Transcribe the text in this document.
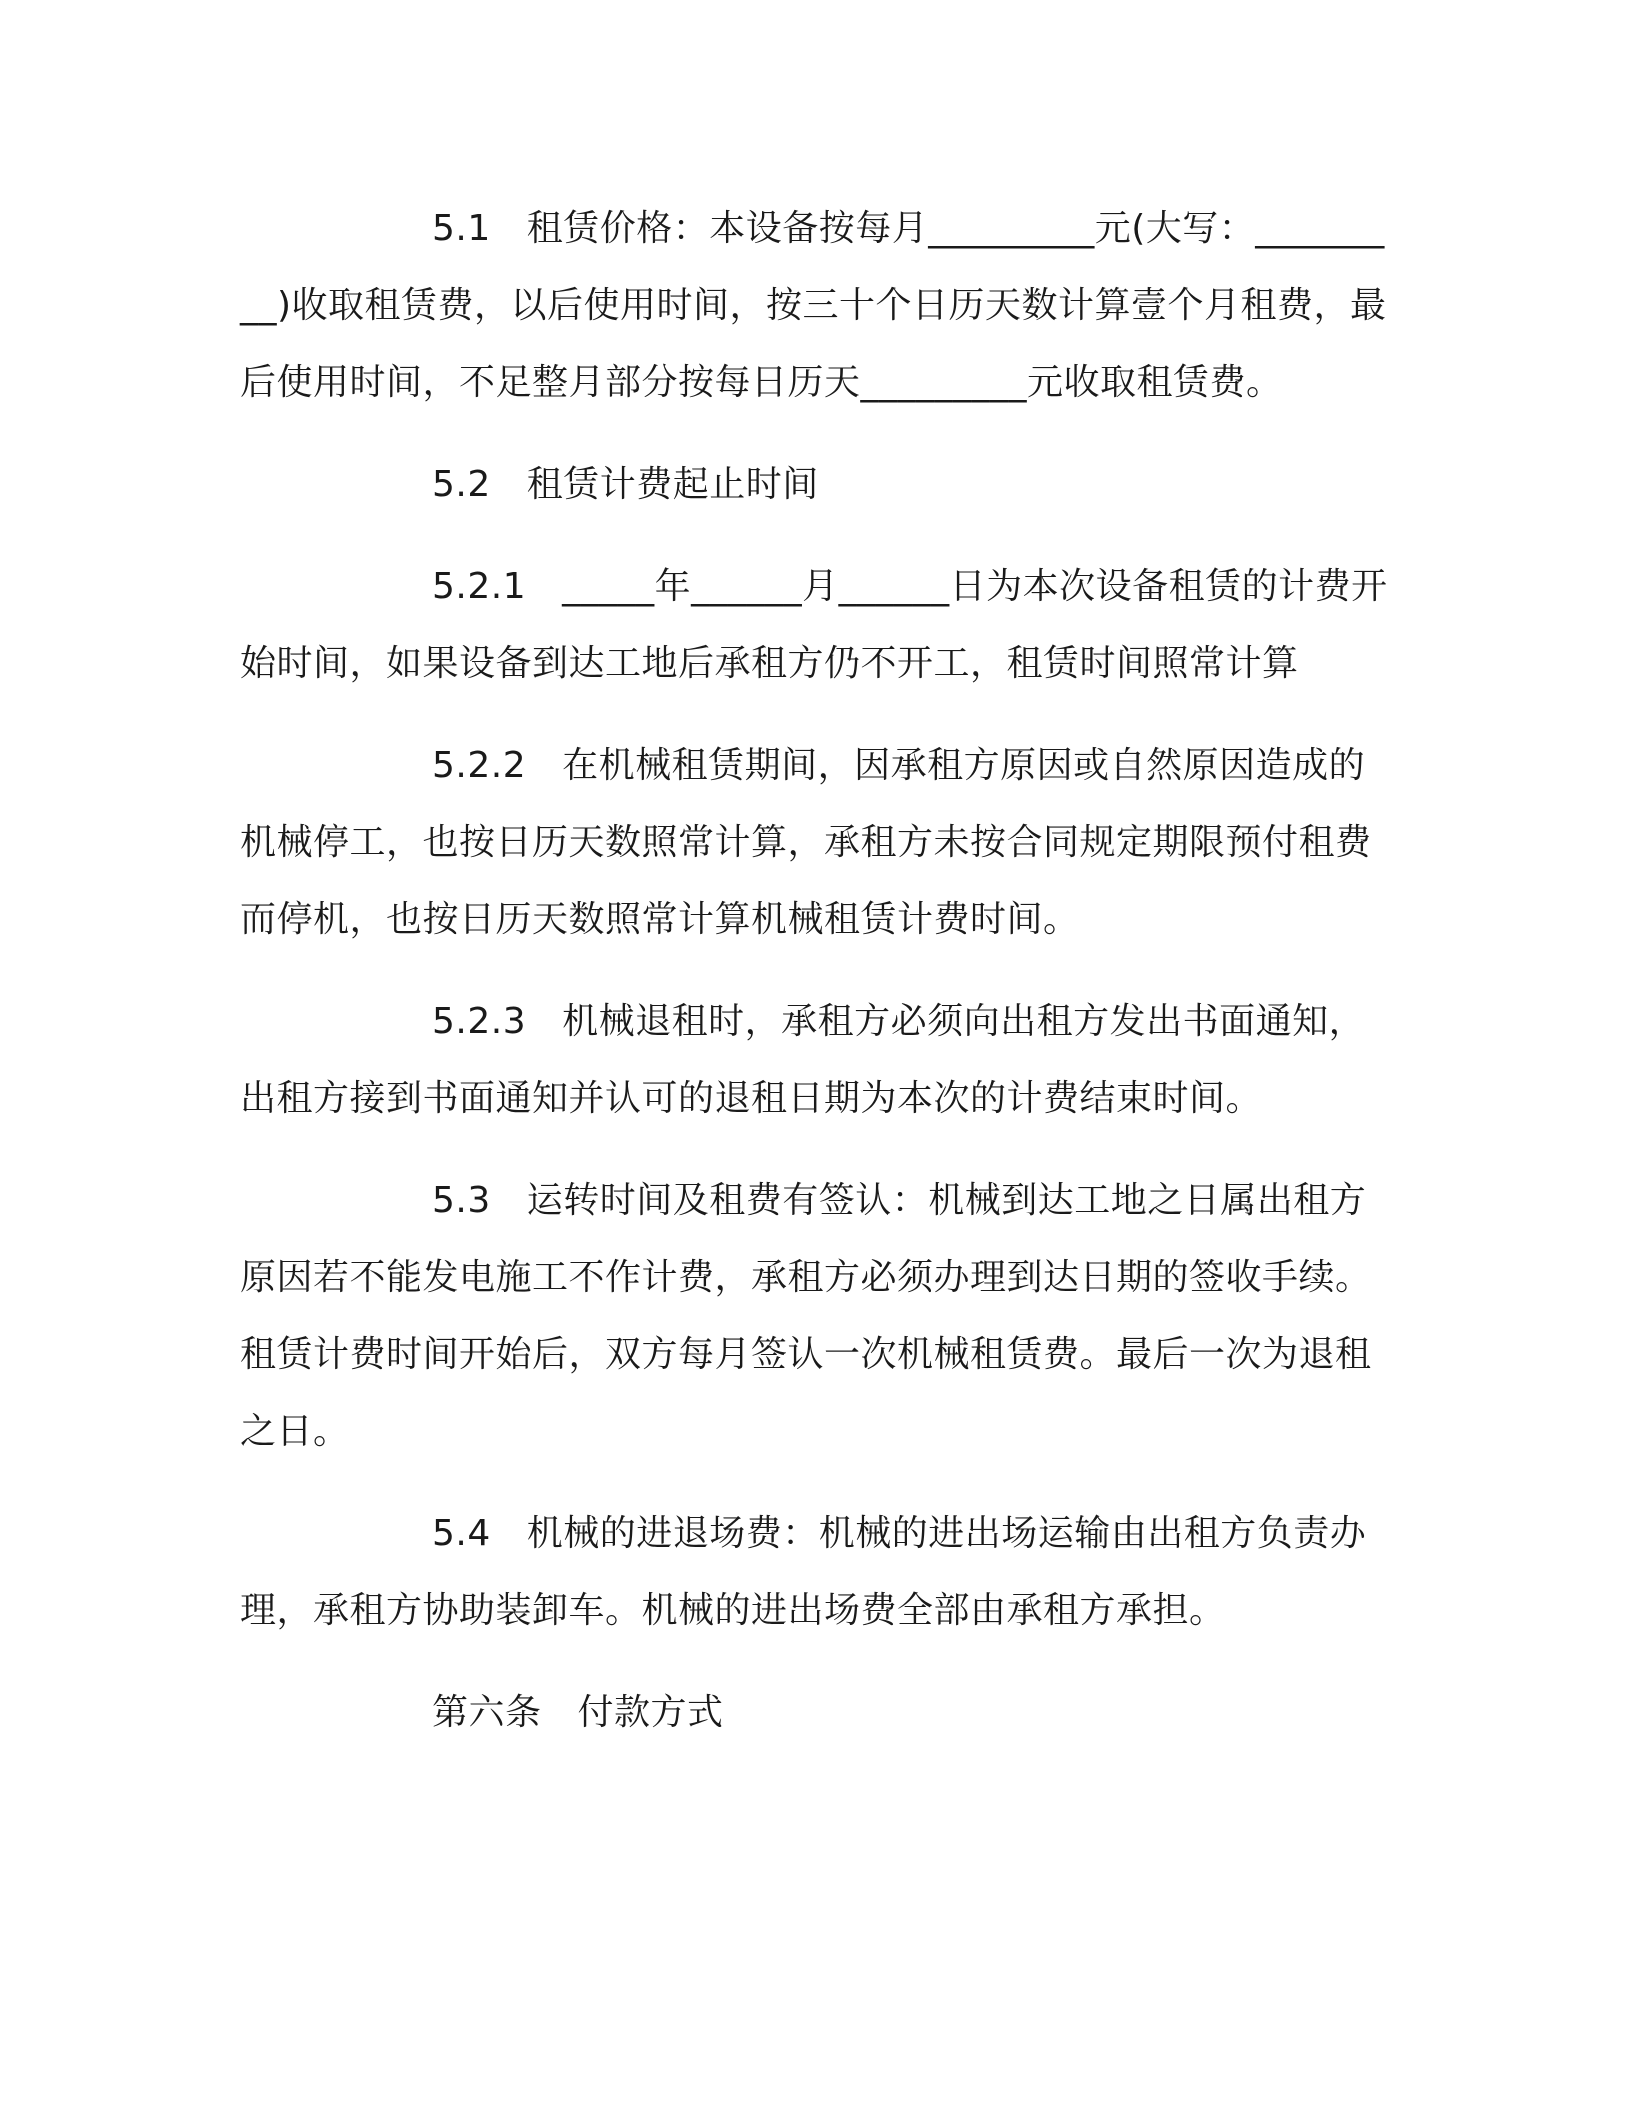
5.1 租赁价格：本设备按每月_________元(大写：_________)收取租赁费，以后使用时间，按三十个日历天数计算壹个月租费，最后使用时间，不足整月部分按每日历天_________元收取租赁费。

5.2 租赁计费起止时间

5.2.1 _____年______月______日为本次设备租赁的计费开始时间，如果设备到达工地后承租方仍不开工，租赁时间照常计算

5.2.2 在机械租赁期间，因承租方原因或自然原因造成的机械停工，也按日历天数照常计算，承租方未按合同规定期限预付租费而停机，也按日历天数照常计算机械租赁计费时间。

5.2.3 机械退租时，承租方必须向出租方发出书面通知，出租方接到书面通知并认可的退租日期为本次的计费结束时间。

5.3 运转时间及租费有签认：机械到达工地之日属出租方原因若不能发电施工不作计费，承租方必须办理到达日期的签收手续。租赁计费时间开始后，双方每月签认一次机械租赁费。最后一次为退租之日。

5.4 机械的进退场费：机械的进出场运输由出租方负责办理，承租方协助装卸车。机械的进出场费全部由承租方承担。

第六条 付款方式
